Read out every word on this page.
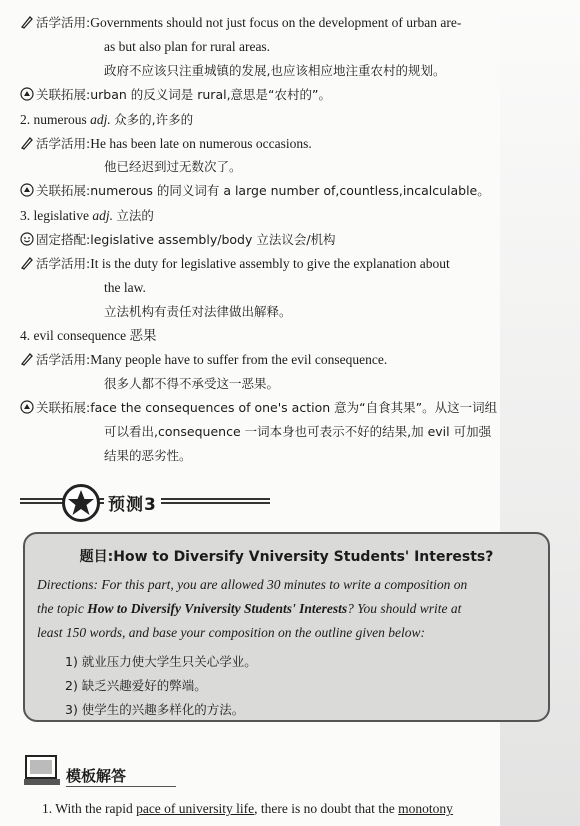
活学活用:Governments should not just focus on the development of urban are-
as but also plan for rural areas.
政府不应该只注重城镇的发展,也应该相应地注重农村的规划。
关联拓展:urban 的反义词是 rural,意思是“农村的”。
2. numerous adj. 众多的,许多的
活学活用:He has been late on numerous occasions.
他已经迟到过无数次了。
关联拓展:numerous 的同义词有 a large number of,countless,incalculable。
3. legislative adj. 立法的
固定搭配:legislative assembly/body 立法议会/机构
活学活用:It is the duty for legislative assembly to give the explanation about
the law.
立法机构有责任对法律做出解释。
4. evil consequence 恶果
活学活用:Many people have to suffer from the evil consequence.
很多人都不得不承受这一恶果。
关联拓展:face the consequences of one's action 意为“自食其果”。从这一词组
可以看出,consequence 一词本身也可表示不好的结果,加 evil 可加强
结果的恶劣性。
预测3
题目:How to Diversify Vniversity Students' Interests?
Directions: For this part, you are allowed 30 minutes to write a composition on
the topic How to Diversify Vniversity Students' Interests? You should write at
least 150 words, and base your composition on the outline given below:
1) 就业压力使大学生只关心学业。
2) 缺乏兴趣爱好的弊端。
3) 使学生的兴趣多样化的方法。
模板解答
1. With the rapid pace of university life, there is no doubt that the monotony
